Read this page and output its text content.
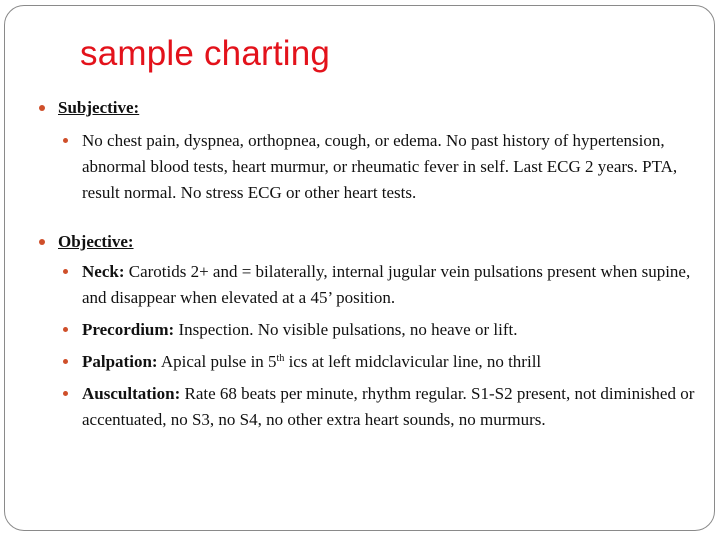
sample charting
Subjective:
No chest pain, dyspnea, orthopnea, cough, or edema. No past history of hypertension, abnormal blood tests, heart murmur, or rheumatic fever in self. Last ECG 2 years. PTA, result normal. No stress ECG or other heart tests.
Objective:
Neck: Carotids 2+ and = bilaterally, internal jugular vein pulsations present when supine, and disappear when elevated at a 45’ position.
Precordium: Inspection. No visible pulsations, no heave or lift.
Palpation: Apical pulse in 5th ics at left midclavicular line, no thrill
Auscultation: Rate 68 beats per minute, rhythm regular. S1-S2 present, not diminished or accentuated, no S3, no S4, no other extra heart sounds, no murmurs.
